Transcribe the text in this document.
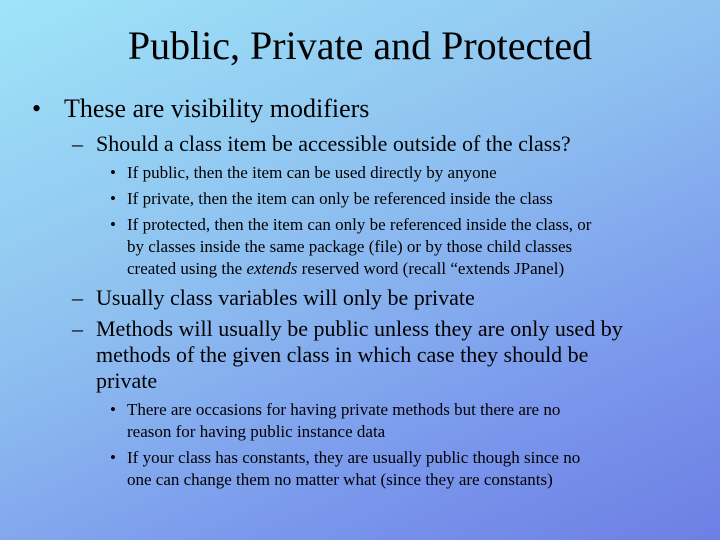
Public, Private and Protected
• These are visibility modifiers
– Should a class item be accessible outside of the class?
• If public, then the item can be used directly by anyone
• If private, then the item can only be referenced inside the class
• If protected, then the item can only be referenced inside the class, or
by classes inside the same package (file) or by those child classes
created using the extends reserved word (recall “extends JPanel)
– Usually class variables will only be private
– Methods will usually be public unless they are only used by
methods of the given class in which case they should be
private
• There are occasions for having private methods but there are no
reason for having public instance data
• If your class has constants, they are usually public though since no
one can change them no matter what (since they are constants)
